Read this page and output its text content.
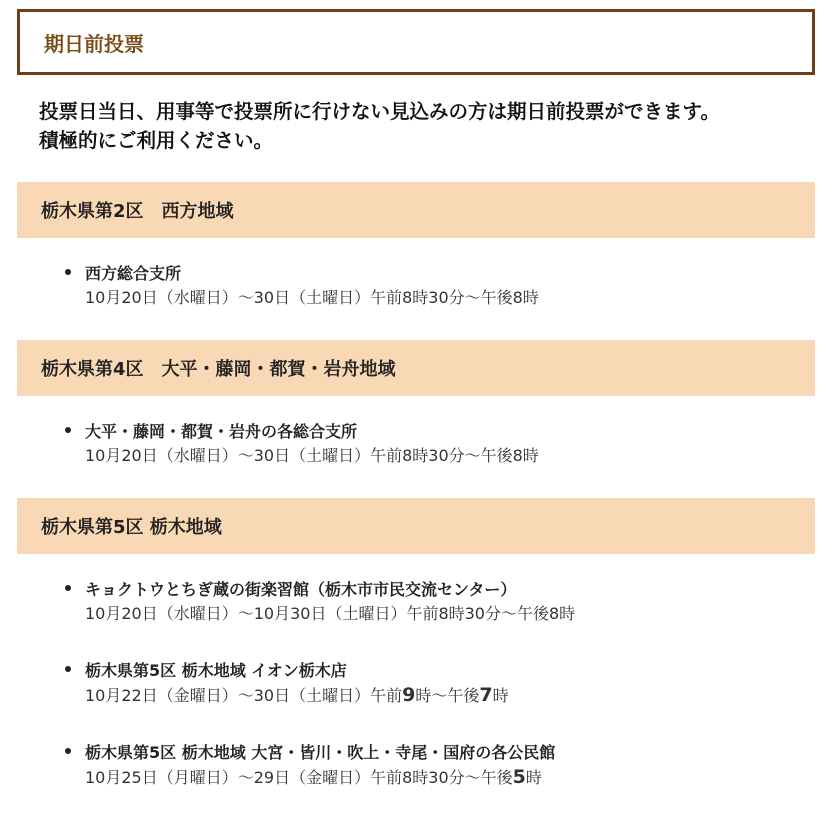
期日前投票

投票日当日、用事等で投票所に行けない見込みの方は期日前投票ができます。

積極的にご利用ください。

栃木県第2区　西方地域
西方総合支所
10月20日（水曜日）～30日（土曜日）午前8時30分～午後8時
栃木県第4区　大平・藤岡・都賀・岩舟地域
大平・藤岡・都賀・岩舟の各総合支所
10月20日（水曜日）～30日（土曜日）午前8時30分～午後8時
栃木県第5区 栃木地域
キョクトウとちぎ蔵の街楽習館（栃木市市民交流センター）
10月20日（水曜日）～10月30日（土曜日）午前8時30分～午後8時
栃木県第5区 栃木地域 イオン栃木店
10月22日（金曜日）～30日（土曜日）午前9時～午後7時
栃木県第5区 栃木地域 大宮・皆川・吹上・寺尾・国府の各公民館
10月25日（月曜日）～29日（金曜日）午前8時30分～午後5時
